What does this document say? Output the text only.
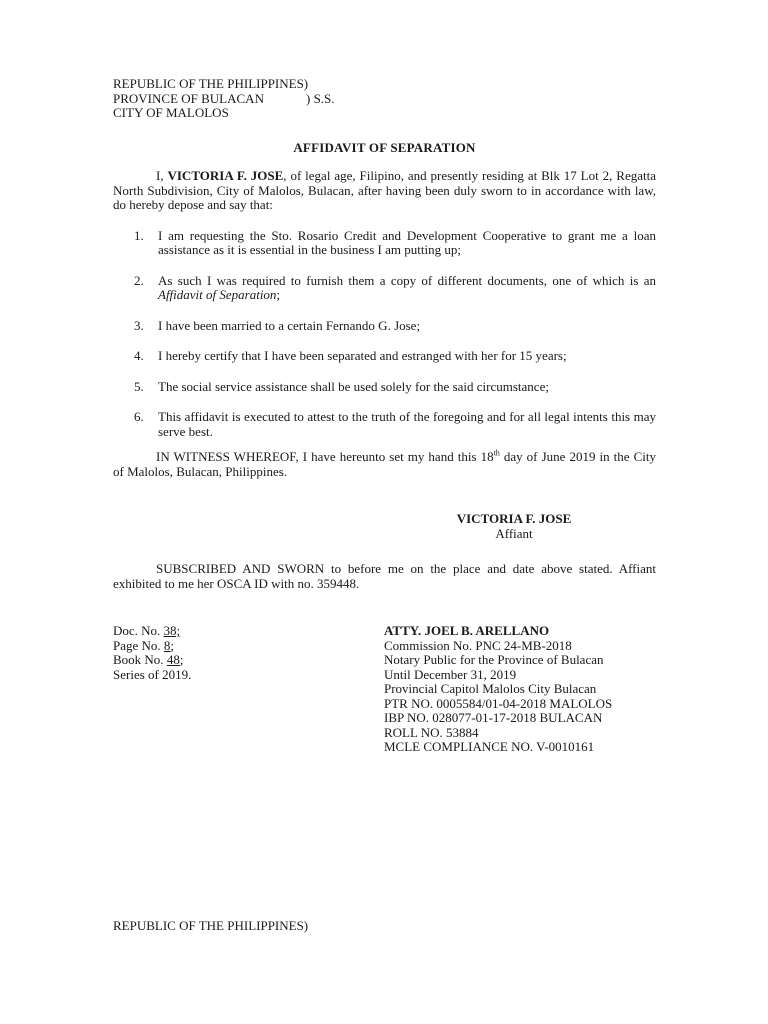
REPUBLIC OF THE PHILIPPINES)
PROVINCE OF BULACAN	) S.S.
CITY OF MALOLOS
AFFIDAVIT OF SEPARATION

I, VICTORIA F. JOSE, of legal age, Filipino, and presently residing at Blk 17 Lot 2, Regatta North Subdivision, City of Malolos, Bulacan, after having been duly sworn to in accordance with law, do hereby depose and say that:

1. I am requesting the Sto. Rosario Credit and Development Cooperative to grant me a loan assistance as it is essential in the business I am putting up;
2. As such I was required to furnish them a copy of different documents, one of which is an Affidavit of Separation;
3. I have been married to a certain Fernando G. Jose;
4. I hereby certify that I have been separated and estranged with her for 15 years;
5. The social service assistance shall be used solely for the said circumstance;
6. This affidavit is executed to attest to the truth of the foregoing and for all legal intents this may serve best.

IN WITNESS WHEREOF, I have hereunto set my hand this 18th day of June 2019 in the City of Malolos, Bulacan, Philippines.

VICTORIA F. JOSE
Affiant

SUBSCRIBED AND SWORN to before me on the place and date above stated. Affiant exhibited to me her OSCA ID with no. 359448.

Doc. No. 38;
Page No. 8;
Book No. 48;
Series of 2019.
ATTY. JOEL B. ARELLANO
Commission No. PNC 24-MB-2018
Notary Public for the Province of Bulacan
Until December 31, 2019
Provincial Capitol Malolos City Bulacan
PTR NO. 0005584/01-04-2018 MALOLOS
IBP NO. 028077-01-17-2018 BULACAN
ROLL NO. 53884
MCLE COMPLIANCE NO. V-0010161
REPUBLIC OF THE PHILIPPINES)
